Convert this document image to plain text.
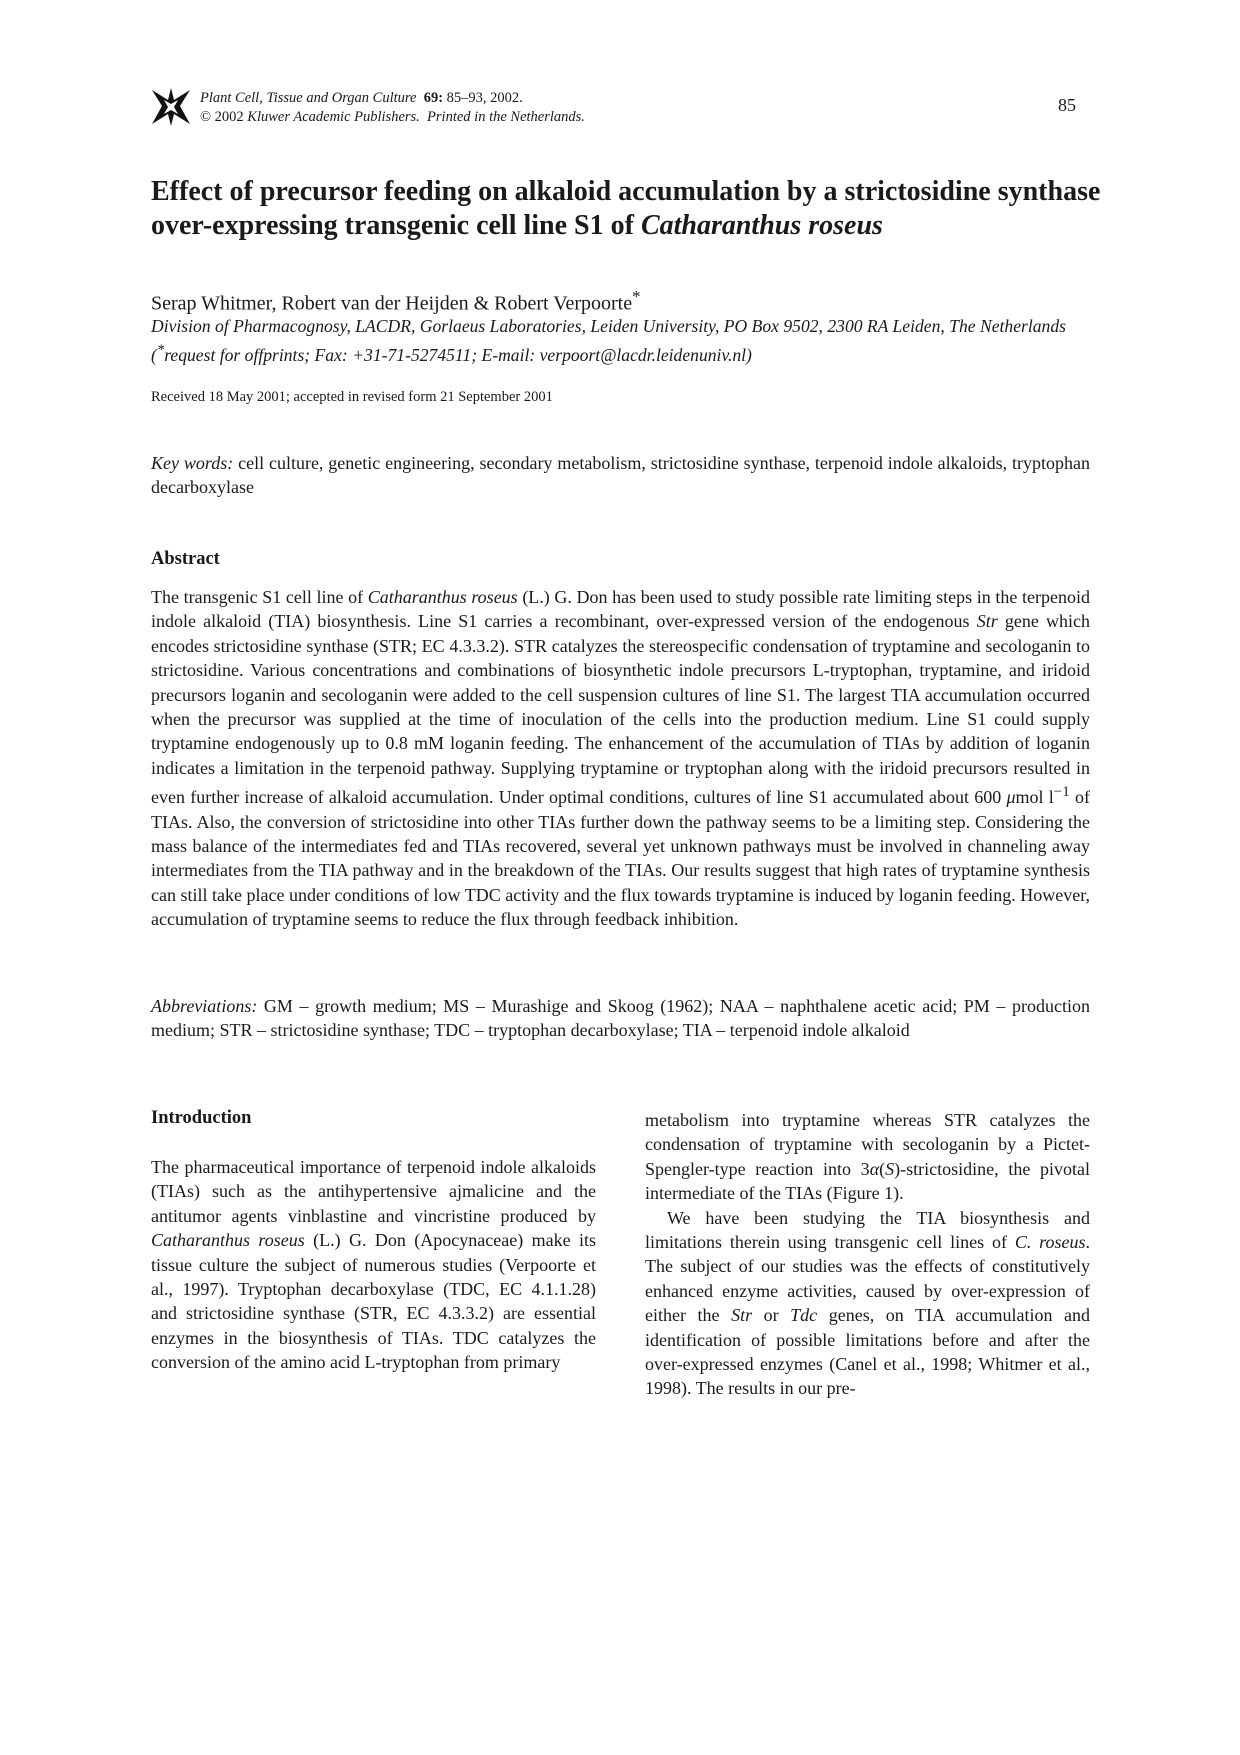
Plant Cell, Tissue and Organ Culture 69: 85–93, 2002.
© 2002 Kluwer Academic Publishers. Printed in the Netherlands.
85
Effect of precursor feeding on alkaloid accumulation by a strictosidine synthase over-expressing transgenic cell line S1 of Catharanthus roseus
Serap Whitmer, Robert van der Heijden & Robert Verpoorte*
Division of Pharmacognosy, LACDR, Gorlaeus Laboratories, Leiden University, PO Box 9502, 2300 RA Leiden, The Netherlands (*request for offprints; Fax: +31-71-5274511; E-mail: verpoort@lacdr.leidenuniv.nl)
Received 18 May 2001; accepted in revised form 21 September 2001
Key words: cell culture, genetic engineering, secondary metabolism, strictosidine synthase, terpenoid indole alkaloids, tryptophan decarboxylase
Abstract
The transgenic S1 cell line of Catharanthus roseus (L.) G. Don has been used to study possible rate limiting steps in the terpenoid indole alkaloid (TIA) biosynthesis. Line S1 carries a recombinant, over-expressed version of the endogenous Str gene which encodes strictosidine synthase (STR; EC 4.3.3.2). STR catalyzes the stereospecific condensation of tryptamine and secologanin to strictosidine. Various concentrations and combinations of biosynthetic indole precursors L-tryptophan, tryptamine, and iridoid precursors loganin and secologanin were added to the cell suspension cultures of line S1. The largest TIA accumulation occurred when the precursor was supplied at the time of inoculation of the cells into the production medium. Line S1 could supply tryptamine endogenously up to 0.8 mM loganin feeding. The enhancement of the accumulation of TIAs by addition of loganin indicates a limitation in the terpenoid pathway. Supplying tryptamine or tryptophan along with the iridoid precursors resulted in even further increase of alkaloid accumulation. Under optimal conditions, cultures of line S1 accumulated about 600 μmol $l^{-1}$ of TIAs. Also, the conversion of strictosidine into other TIAs further down the pathway seems to be a limiting step. Considering the mass balance of the intermediates fed and TIAs recovered, several yet unknown pathways must be involved in channeling away intermediates from the TIA pathway and in the breakdown of the TIAs. Our results suggest that high rates of tryptamine synthesis can still take place under conditions of low TDC activity and the flux towards tryptamine is induced by loganin feeding. However, accumulation of tryptamine seems to reduce the flux through feedback inhibition.
Abbreviations: GM – growth medium; MS – Murashige and Skoog (1962); NAA – naphthalene acetic acid; PM – production medium; STR – strictosidine synthase; TDC – tryptophan decarboxylase; TIA – terpenoid indole alkaloid
Introduction

The pharmaceutical importance of terpenoid indole alkaloids (TIAs) such as the antihypertensive ajmalicine and the antitumor agents vinblastine and vincristine produced by Catharanthus roseus (L.) G. Don (Apocynaceae) make its tissue culture the subject of numerous studies (Verpoorte et al., 1997). Tryptophan decarboxylase (TDC, EC 4.1.1.28) and strictosidine synthase (STR, EC 4.3.3.2) are essential enzymes in the biosynthesis of TIAs. TDC catalyzes the conversion of the amino acid L-tryptophan from primary

metabolism into tryptamine whereas STR catalyzes the condensation of tryptamine with secologanin by a Pictet-Spengler-type reaction into 3α(S)-strictosidine, the pivotal intermediate of the TIAs (Figure 1).

We have been studying the TIA biosynthesis and limitations therein using transgenic cell lines of C. roseus. The subject of our studies was the effects of constitutively enhanced enzyme activities, caused by over-expression of either the Str or Tdc genes, on TIA accumulation and identification of possible limitations before and after the over-expressed enzymes (Canel et al., 1998; Whitmer et al., 1998). The results in our pre-
